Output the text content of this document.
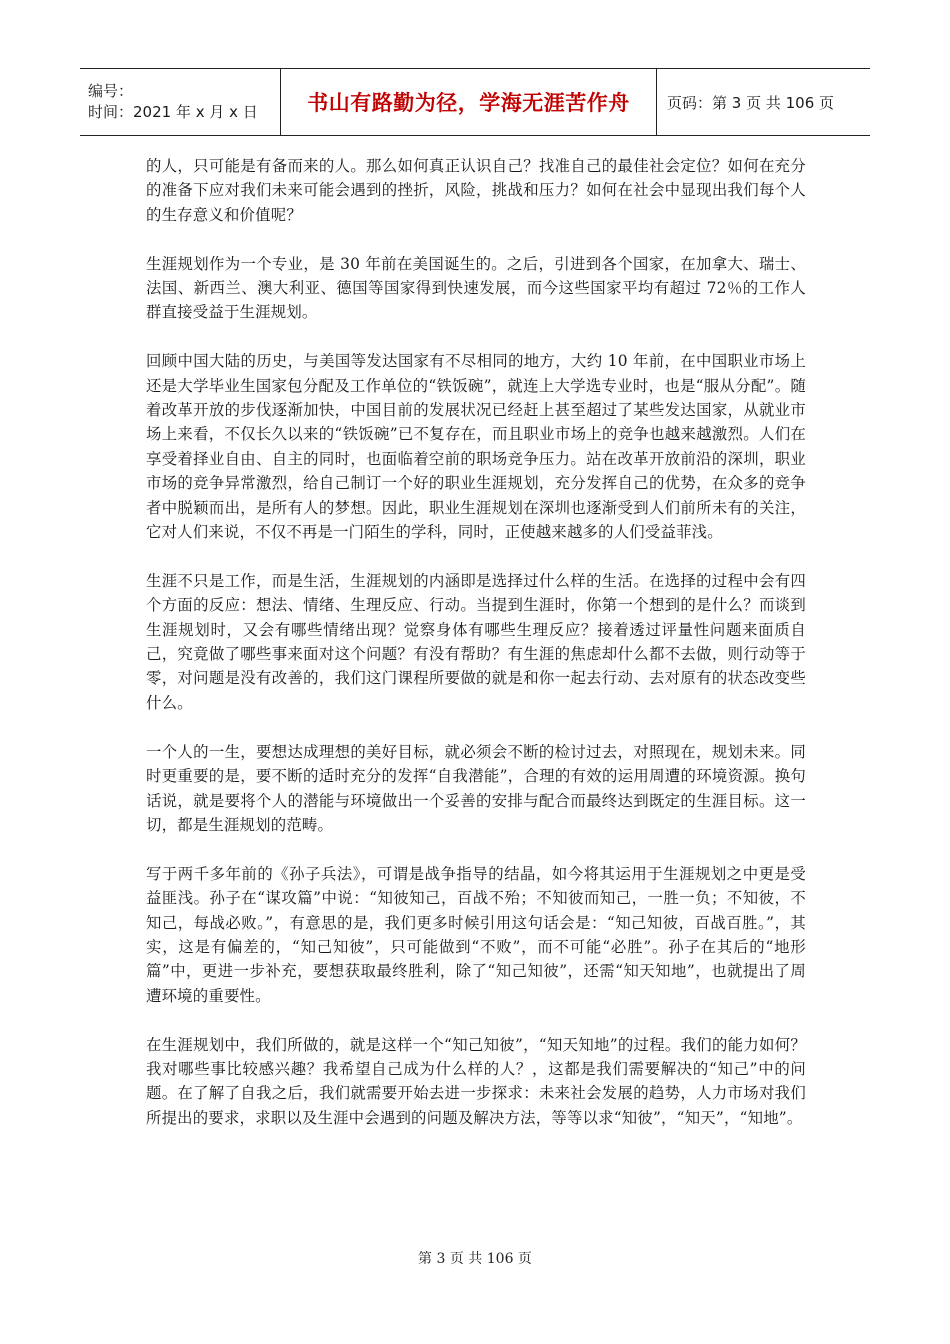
编号：
时间：2021 年 x 月 x 日	书山有路勤为径，学海无涯苦作舟 页码：第 3 页 共 106 页

的人，只可能是有备而来的人。那么如何真正认识自己？找准自己的最佳社会定位？如何在充分的准备下应对我们未来可能会遇到的挫折，风险，挑战和压力？如何在社会中显现出我们每个人的生存意义和价值呢？

生涯规划作为一个专业，是 30 年前在美国诞生的。之后，引进到各个国家，在加拿大、瑞士、法国、新西兰、澳大利亚、德国等国家得到快速发展，而今这些国家平均有超过 72％的工作人群直接受益于生涯规划。

回顾中国大陆的历史，与美国等发达国家有不尽相同的地方，大约 10 年前，在中国职业市场上还是大学毕业生国家包分配及工作单位的“铁饭碗”，就连上大学选专业时，也是“服从分配”。随着改革开放的步伐逐渐加快，中国目前的发展状况已经赶上甚至超过了某些发达国家，从就业市场上来看，不仅长久以来的“铁饭碗”已不复存在，而且职业市场上的竞争也越来越激烈。人们在享受着择业自由、自主的同时，也面临着空前的职场竞争压力。站在改革开放前沿的深圳，职业市场的竞争异常激烈，给自己制订一个好的职业生涯规划，充分发挥自己的优势，在众多的竞争者中脱颖而出，是所有人的梦想。因此，职业生涯规划在深圳也逐渐受到人们前所未有的关注，它对人们来说，不仅不再是一门陌生的学科，同时，正使越来越多的人们受益菲浅。

生涯不只是工作，而是生活，生涯规划的内涵即是选择过什么样的生活。在选择的过程中会有四个方面的反应：想法、情绪、生理反应、行动。当提到生涯时，你第一个想到的是什么？而谈到生涯规划时，又会有哪些情绪出现？觉察身体有哪些生理反应？接着透过评量性问题来面质自己，究竟做了哪些事来面对这个问题？有没有帮助？有生涯的焦虑却什么都不去做，则行动等于零，对问题是没有改善的，我们这门课程所要做的就是和你一起去行动、去对原有的状态改变些什么。

一个人的一生，要想达成理想的美好目标，就必须会不断的检讨过去，对照现在，规划未来。同时更重要的是，要不断的适时充分的发挥“自我潜能”，合理的有效的运用周遭的环境资源。换句话说，就是要将个人的潜能与环境做出一个妥善的安排与配合而最终达到既定的生涯目标。这一切，都是生涯规划的范畴。

写于两千多年前的《孙子兵法》，可谓是战争指导的结晶，如今将其运用于生涯规划之中更是受益匪浅。孙子在“谋攻篇”中说：“知彼知己，百战不殆；不知彼而知己，一胜一负；不知彼，不知己，每战必败。”，有意思的是，我们更多时候引用这句话会是：“知己知彼，百战百胜。”，其实，这是有偏差的，“知己知彼”，只可能做到“不败”，而不可能“必胜”。孙子在其后的“地形篇”中，更进一步补充，要想获取最终胜利，除了“知己知彼”，还需“知天知地”，也就提出了周遭环境的重要性。

在生涯规划中，我们所做的，就是这样一个“知己知彼”，“知天知地”的过程。我们的能力如何？我对哪些事比较感兴趣？我希望自己成为什么样的人？，这都是我们需要解决的“知己”中的问题。在了解了自我之后，我们就需要开始去进一步探求：未来社会发展的趋势，人力市场对我们所提出的要求，求职以及生涯中会遇到的问题及解决方法，等等以求“知彼”，“知天”，“知地”。

第 3 页 共 106 页
